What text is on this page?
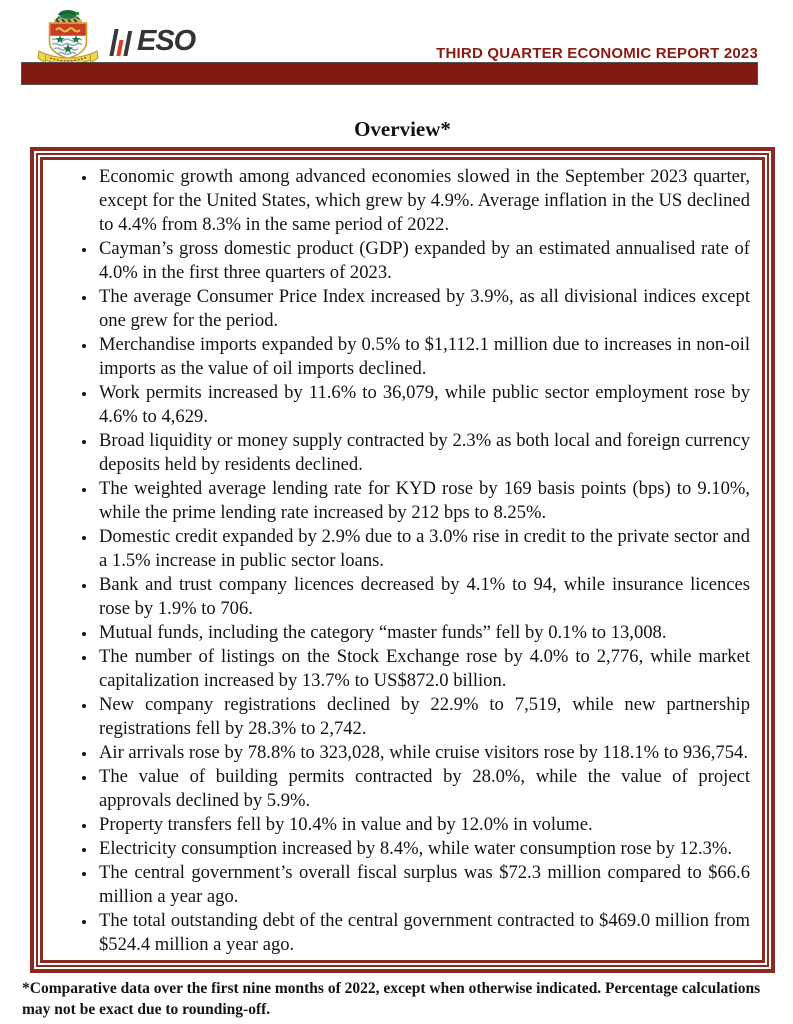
ESO	THIRD QUARTER ECONOMIC REPORT 2023
Overview*
• Economic growth among advanced economies slowed in the September 2023 quarter, except for the United States, which grew by 4.9%. Average inflation in the US declined to 4.4% from 8.3% in the same period of 2022.
• Cayman’s gross domestic product (GDP) expanded by an estimated annualised rate of 4.0% in the first three quarters of 2023.
• The average Consumer Price Index increased by 3.9%, as all divisional indices except one grew for the period.
• Merchandise imports expanded by 0.5% to $1,112.1 million due to increases in non-oil imports as the value of oil imports declined.
• Work permits increased by 11.6% to 36,079, while public sector employment rose by 4.6% to 4,629.
• Broad liquidity or money supply contracted by 2.3% as both local and foreign currency deposits held by residents declined.
• The weighted average lending rate for KYD rose by 169 basis points (bps) to 9.10%, while the prime lending rate increased by 212 bps to 8.25%.
• Domestic credit expanded by 2.9% due to a 3.0% rise in credit to the private sector and a 1.5% increase in public sector loans.
• Bank and trust company licences decreased by 4.1% to 94, while insurance licences rose by 1.9% to 706.
• Mutual funds, including the category “master funds” fell by 0.1% to 13,008.
• The number of listings on the Stock Exchange rose by 4.0% to 2,776, while market capitalization increased by 13.7% to US$872.0 billion.
• New company registrations declined by 22.9% to 7,519, while new partnership registrations fell by 28.3% to 2,742.
• Air arrivals rose by 78.8% to 323,028, while cruise visitors rose by 118.1% to 936,754.
• The value of building permits contracted by 28.0%, while the value of project approvals declined by 5.9%.
• Property transfers fell by 10.4% in value and by 12.0% in volume.
• Electricity consumption increased by 8.4%, while water consumption rose by 12.3%.
• The central government’s overall fiscal surplus was $72.3 million compared to $66.6 million a year ago.
• The total outstanding debt of the central government contracted to $469.0 million from $524.4 million a year ago.
*Comparative data over the first nine months of 2022, except when otherwise indicated. Percentage calculations may not be exact due to rounding-off.
